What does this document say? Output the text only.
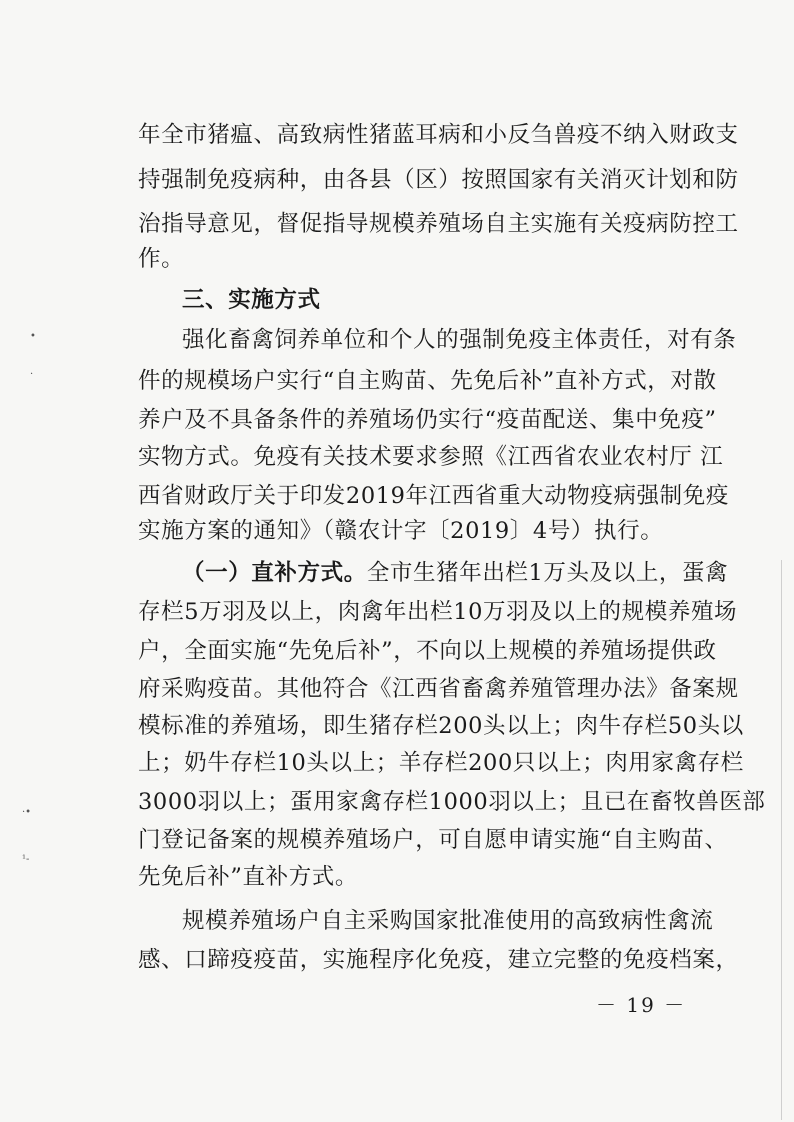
年全市猪瘟、高致病性猪蓝耳病和小反刍兽疫不纳入财政支
持强制免疫病种，由各县（区）按照国家有关消灭计划和防
治指导意见，督促指导规模养殖场自主实施有关疫病防控工
作。
三、实施方式
强化畜禽饲养单位和个人的强制免疫主体责任，对有条
件的规模场户实行“自主购苗、先免后补”直补方式，对散
养户及不具备条件的养殖场仍实行“疫苗配送、集中免疫”
实物方式。免疫有关技术要求参照《江西省农业农村厅 江
西省财政厅关于印发2019年江西省重大动物疫病强制免疫
实施方案的通知》（赣农计字〔2019〕4号）执行。
（一）直补方式。全市生猪年出栏1万头及以上，蛋禽
存栏5万羽及以上，肉禽年出栏10万羽及以上的规模养殖场
户，全面实施“先免后补”，不向以上规模的养殖场提供政
府采购疫苗。其他符合《江西省畜禽养殖管理办法》备案规
模标准的养殖场，即生猪存栏200头以上；肉牛存栏50头以
上；奶牛存栏10头以上；羊存栏200只以上；肉用家禽存栏
3000羽以上；蛋用家禽存栏1000羽以上；且已在畜牧兽医部
门登记备案的规模养殖场户，可自愿申请实施“自主购苗、
先免后补”直补方式。
规模养殖场户自主采购国家批准使用的高致病性禽流
感、口蹄疫疫苗，实施程序化免疫，建立完整的免疫档案，
－ 19 －
•
·
·•
¹-
